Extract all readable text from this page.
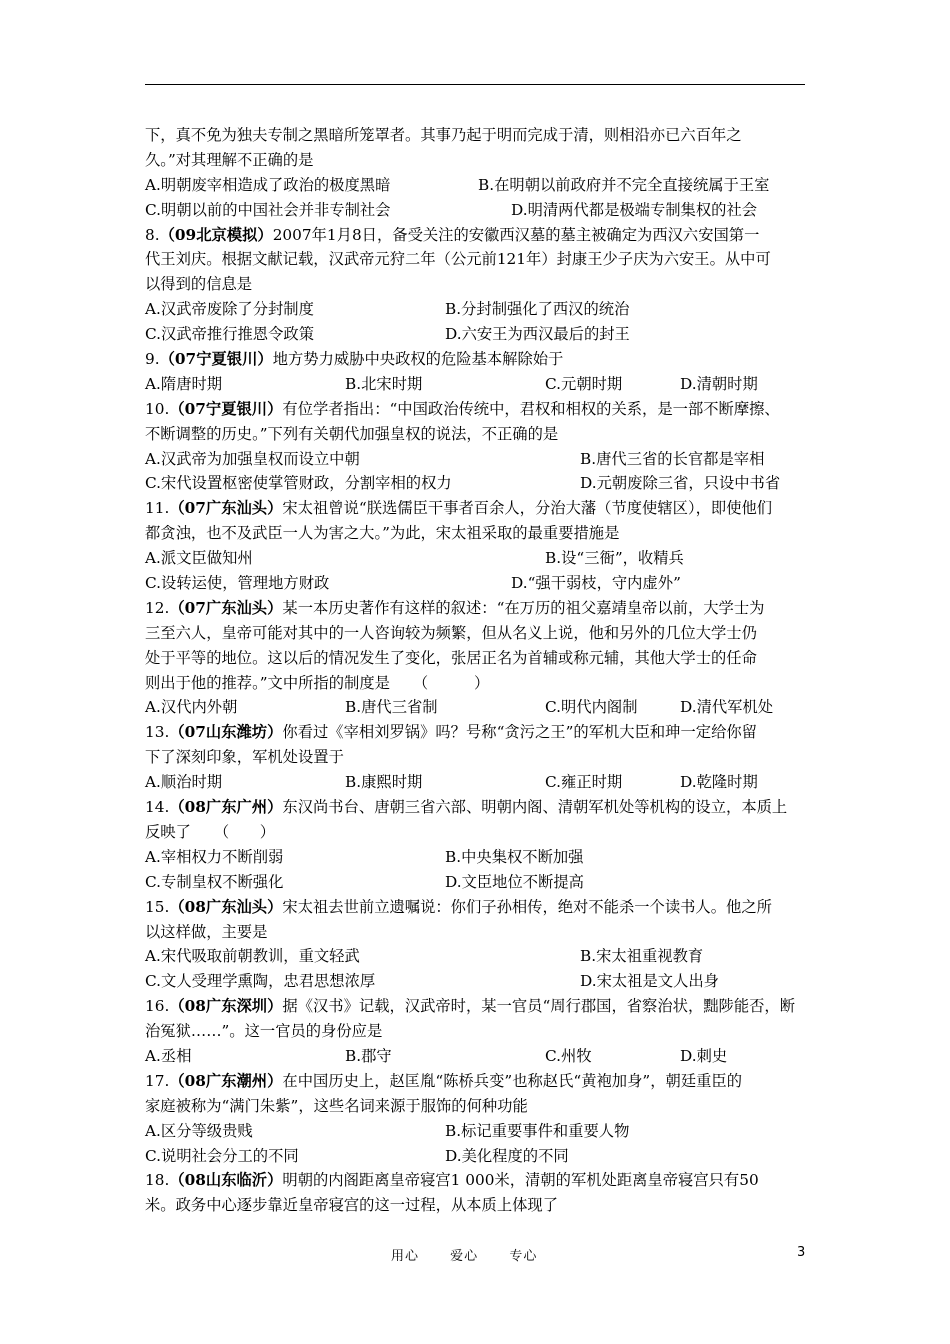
下，真不免为独夫专制之黑暗所笼罩者。其事乃起于明而完成于清，则相沿亦已六百年之
久。”对其理解不正确的是
A.明朝废宰相造成了政治的极度黑暗	B.在明朝以前政府并不完全直接统属于王室
C.明朝以前的中国社会并非专制社会	D.明清两代都是极端专制集权的社会
8.（09北京模拟）2007年1月8日，备受关注的安徽西汉墓的墓主被确定为西汉六安国第一
代王刘庆。根据文献记载，汉武帝元狩二年（公元前121年）封康王少子庆为六安王。从中可
以得到的信息是
A.汉武帝废除了分封制度	B.分封制强化了西汉的统治
C.汉武帝推行推恩令政策	D.六安王为西汉最后的封王
9.（07宁夏银川）地方势力威胁中央政权的危险基本解除始于
A.隋唐时期	B.北宋时期	C.元朝时期	D.清朝时期
10.（07宁夏银川）有位学者指出：“中国政治传统中，君权和相权的关系，是一部不断摩擦、
不断调整的历史。”下列有关朝代加强皇权的说法，不正确的是
A.汉武帝为加强皇权而设立中朝	B.唐代三省的长官都是宰相
C.宋代设置枢密使掌管财政，分割宰相的权力	D.元朝废除三省，只设中书省
11.（07广东汕头）宋太祖曾说“朕选儒臣干事者百余人，分治大藩（节度使辖区），即使他们
都贪浊，也不及武臣一人为害之大。”为此，宋太祖采取的最重要措施是
A.派文臣做知州	B.设“三衙”，收精兵
C.设转运使，管理地方财政	D.“强干弱枝，守内虚外”
12.（07广东汕头）某一本历史著作有这样的叙述：“在万历的祖父嘉靖皇帝以前，大学士为
三至六人，皇帝可能对其中的一人咨询较为频繁，但从名义上说，他和另外的几位大学士仍
处于平等的地位。这以后的情况发生了变化，张居正名为首辅或称元辅，其他大学士的任命
则出于他的推荐。”文中所指的制度是　　（　　　）
A.汉代内外朝	B.唐代三省制	C.明代内阁制	D.清代军机处
13.（07山东潍坊）你看过《宰相刘罗锅》吗？号称“贪污之王”的军机大臣和珅一定给你留
下了深刻印象，军机处设置于
A.顺治时期	B.康熙时期	C.雍正时期	D.乾隆时期
14.（08广东广州）东汉尚书台、唐朝三省六部、明朝内阁、清朝军机处等机构的设立，本质上
反映了　　（　　）
A.宰相权力不断削弱	B.中央集权不断加强
C.专制皇权不断强化	D.文臣地位不断提高
15.（08广东汕头）宋太祖去世前立遗嘱说：你们子孙相传，绝对不能杀一个读书人。他之所
以这样做，主要是
A.宋代吸取前朝教训，重文轻武	B.宋太祖重视教育
C.文人受理学熏陶，忠君思想浓厚	D.宋太祖是文人出身
16.（08广东深圳）据《汉书》记载，汉武帝时，某一官员“周行郡国，省察治状，黜陟能否，断
治冤狱……”。这一官员的身份应是
A.丞相	B.郡守	C.州牧	D.刺史
17.（08广东潮州）在中国历史上，赵匡胤“陈桥兵变”也称赵氏“黄袍加身”，朝廷重臣的
家庭被称为“满门朱紫”，这些名词来源于服饰的何种功能
A.区分等级贵贱	B.标记重要事件和重要人物
C.说明社会分工的不同	D.美化程度的不同
18.（08山东临沂）明朝的内阁距离皇帝寝宫1 000米，清朝的军机处距离皇帝寝宫只有50
米。政务中心逐步靠近皇帝寝宫的这一过程，从本质上体现了
用心 爱心 专心	3
